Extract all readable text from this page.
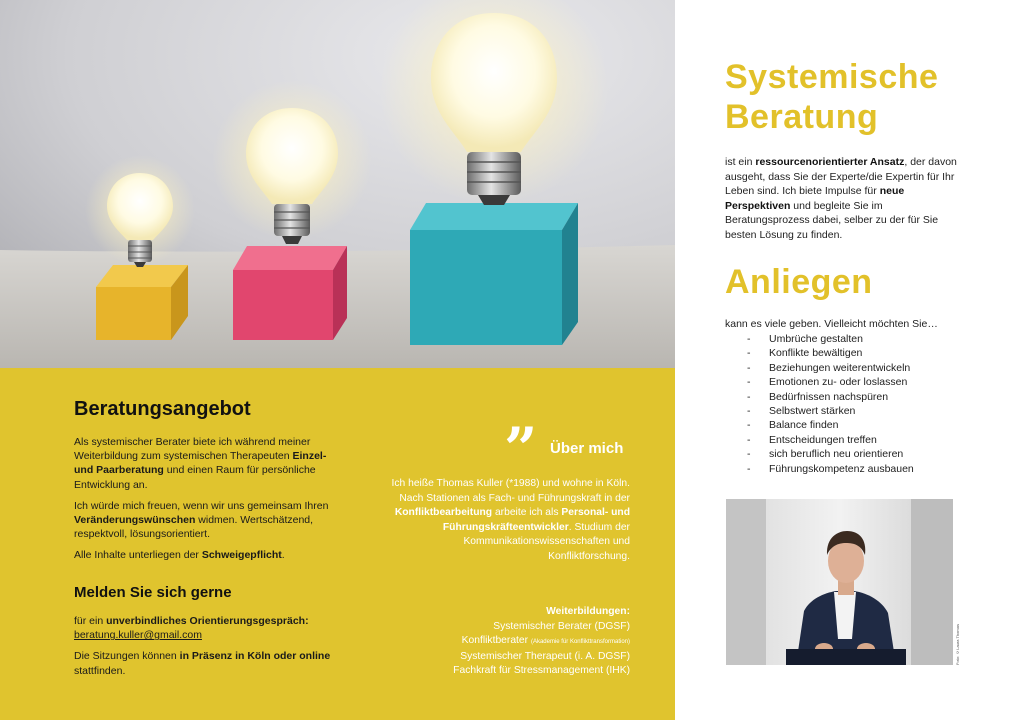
Beratungsangebot

Als systemischer Berater biete ich während meiner Weiterbildung zum systemischen Therapeuten Einzel- und Paarberatung und einen Raum für persönliche Entwicklung an.

Ich würde mich freuen, wenn wir uns gemeinsam Ihren Veränderungswünschen widmen. Wertschätzend, respektvoll, lösungsorientiert.

Alle Inhalte unterliegen der Schweigepflicht.

Melden Sie sich gerne

für ein unverbindliches Orientierungsgespräch:
beratung.kuller@gmail.com

Die Sitzungen können in Präsenz in Köln oder online stattfinden.

” Über mich
Ich heiße Thomas Kuller (*1988) und wohne in Köln. Nach Stationen als Fach- und Führungskraft in der Konfliktbearbeitung arbeite ich als Personal- und Führungskräfteentwickler. Studium der Kommunikationswissenschaften und Konfliktforschung.
Weiterbildungen:
Systemischer Berater (DGSF)
Konfliktberater (Akademie für Konflikttransformation)
Systemischer Therapeut (i. A. DGSF)
Fachkraft für Stressmanagement (IHK)
Systemische
Beratung
ist ein ressourcenorientierter Ansatz, der davon ausgeht, dass Sie der Experte/die Expertin für Ihr Leben sind. Ich biete Impulse für neue Perspektiven und begleite Sie im Beratungsprozess dabei, selber zu der für Sie besten Lösung zu finden.
Anliegen
kann es viele geben. Vielleicht möchten Sie…
- Umbrüche gestalten
- Konflikte bewältigen
- Beziehungen weiterentwickeln
- Emotionen zu- oder loslassen
- Bedürfnissen nachspüren
- Selbstwert stärken
- Balance finden
- Entscheidungen treffen
- sich beruflich neu orientieren
- Führungskompetenz ausbauen
Foto: ©Laura Thomas
